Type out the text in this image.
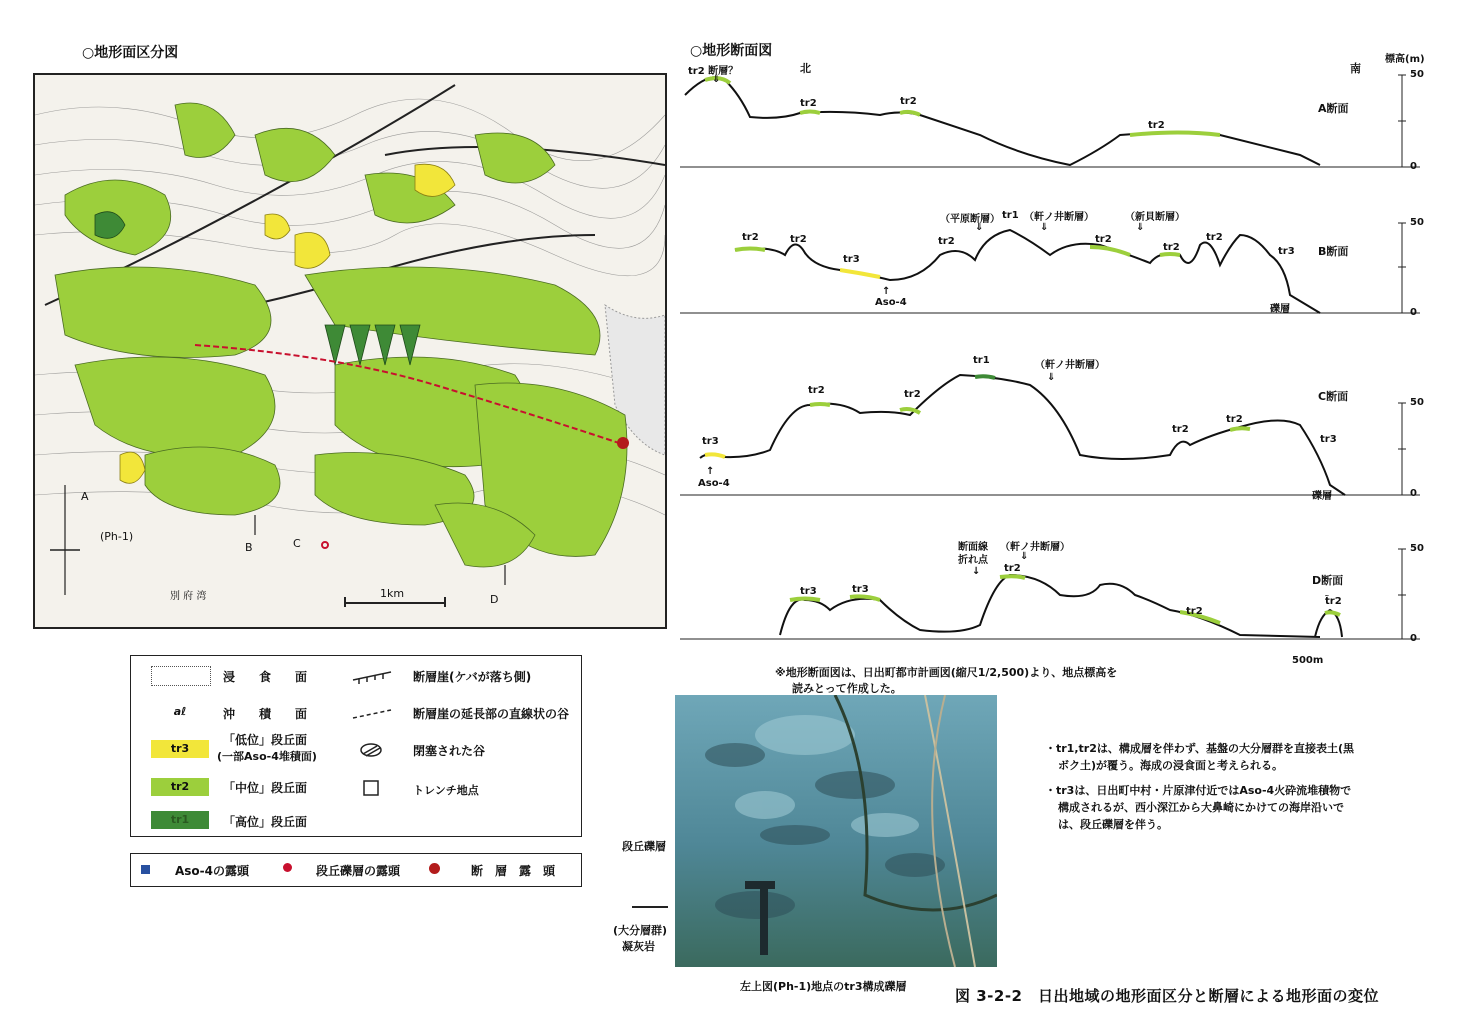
○地形面区分図	○地形断面図
A
B	C
D
(Ph-1)
別 府 湾	1km
浸　　食　　面
aℓ	沖　　積　　面
tr3
「低位」段丘面
(一部Aso-4堆積面)
tr2	「中位」段丘面
tr1	「高位」段丘面
断層崖(ケバが落ち側)
断層崖の延長部の直線状の谷
閉塞された谷
トレンチ地点
Aso-4の露頭	段丘礫層の露頭	断　層　露　頭
北	南
標高(m)
50
0
50
0
50
0
50
0
A断面
B断面
C断面
D断面
tr2 断層？
⇓
tr2	tr2
tr2
（平原断層）
⇓
tr1 （軒ノ井断層）
⇓
（新貝断層）
⇓
tr2	tr2
tr3
tr2	tr2
tr2
tr2
tr3
↑
Aso-4
礫層
tr1	（軒ノ井断層）
⇓
tr2	tr2
tr2
tr2
tr3	tr3
↑
Aso-4
礫層
断面線
折れ点
↓
（軒ノ井断層）
⇓
tr2
tr3	tr3
tr2
t̃r2
500m
※地形断面図は、日出町都市計画図(縮尺1/2,500)より、地点標高を
読みとって作成した。
・tr1,tr2は、構成層を伴わず、基盤の大分層群を直接表土(黒
ボク土)が覆う。海成の浸食面と考えられる。
・tr3は、日出町中村・片原津付近ではAso-4火砕流堆積物で
構成されるが、西小深江から大鼻崎にかけての海岸沿いで
は、段丘礫層を伴う。
段丘礫層
(大分層群)
凝灰岩
左上図(Ph-1)地点のtr3構成礫層
図 3-2-2　日出地域の地形面区分と断層による地形面の変位
